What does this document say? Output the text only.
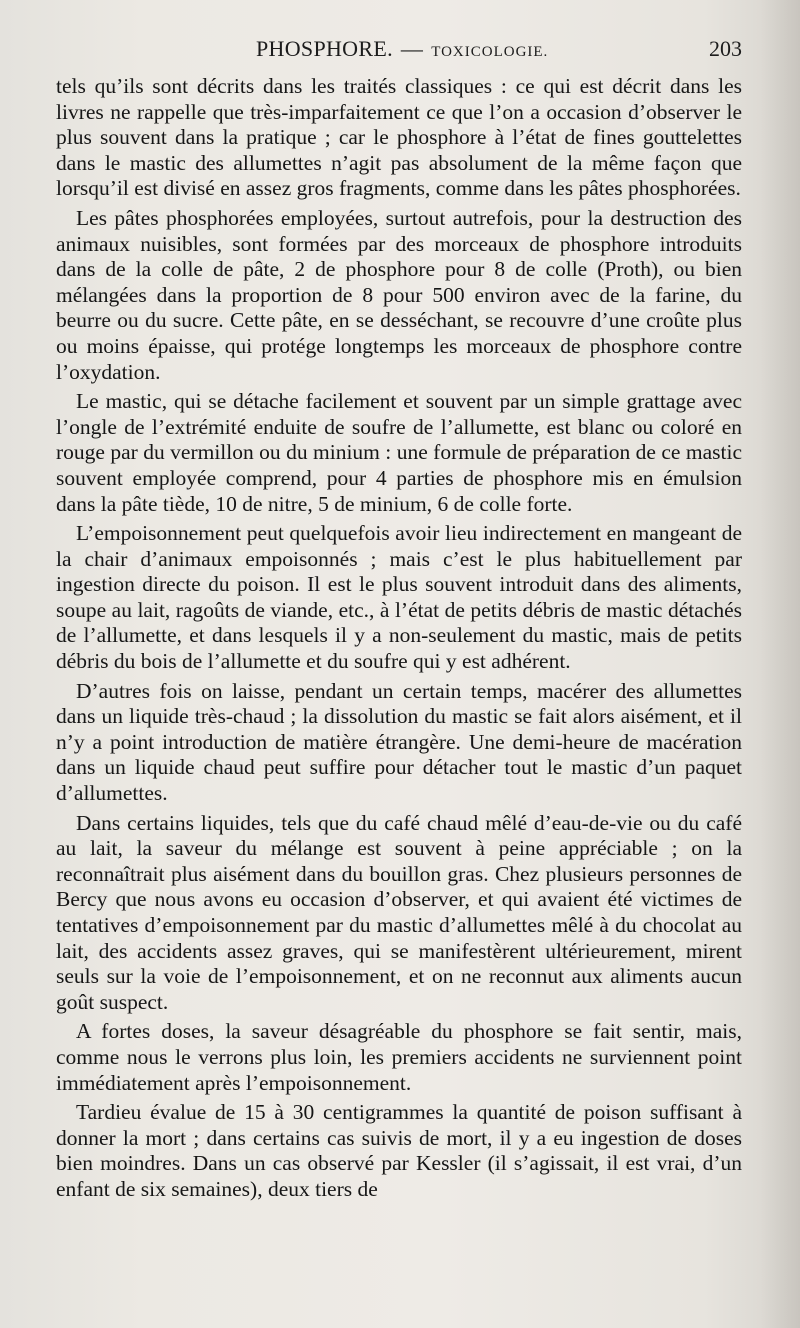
PHOSPHORE. — TOXICOLOGIE.	203

tels qu’ils sont décrits dans les traités classiques : ce qui est décrit dans les livres ne rappelle que très-imparfaitement ce que l’on a occasion d’observer le plus souvent dans la pratique ; car le phosphore à l’état de fines gouttelettes dans le mastic des allumettes n’agit pas absolument de la même façon que lorsqu’il est divisé en assez gros fragments, comme dans les pâtes phosphorées.

Les pâtes phosphorées employées, surtout autrefois, pour la destruction des animaux nuisibles, sont formées par des morceaux de phosphore introduits dans de la colle de pâte, 2 de phosphore pour 8 de colle (Proth), ou bien mélangées dans la proportion de 8 pour 500 environ avec de la farine, du beurre ou du sucre. Cette pâte, en se desséchant, se recouvre d’une croûte plus ou moins épaisse, qui protége longtemps les morceaux de phosphore contre l’oxydation.

Le mastic, qui se détache facilement et souvent par un simple grattage avec l’ongle de l’extrémité enduite de soufre de l’allumette, est blanc ou coloré en rouge par du vermillon ou du minium : une formule de préparation de ce mastic souvent employée comprend, pour 4 parties de phosphore mis en émulsion dans la pâte tiède, 10 de nitre, 5 de minium, 6 de colle forte.

L’empoisonnement peut quelquefois avoir lieu indirectement en mangeant de la chair d’animaux empoisonnés ; mais c’est le plus habituellement par ingestion directe du poison. Il est le plus souvent introduit dans des aliments, soupe au lait, ragoûts de viande, etc., à l’état de petits débris de mastic détachés de l’allumette, et dans lesquels il y a non-seulement du mastic, mais de petits débris du bois de l’allumette et du soufre qui y est adhérent.

D’autres fois on laisse, pendant un certain temps, macérer des allumettes dans un liquide très-chaud ; la dissolution du mastic se fait alors aisément, et il n’y a point introduction de matière étrangère. Une demi-heure de macération dans un liquide chaud peut suffire pour détacher tout le mastic d’un paquet d’allumettes.

Dans certains liquides, tels que du café chaud mêlé d’eau-de-vie ou du café au lait, la saveur du mélange est souvent à peine appréciable ; on la reconnaîtrait plus aisément dans du bouillon gras. Chez plusieurs personnes de Bercy que nous avons eu occasion d’observer, et qui avaient été victimes de tentatives d’empoisonnement par du mastic d’allumettes mêlé à du chocolat au lait, des accidents assez graves, qui se manifestèrent ultérieurement, mirent seuls sur la voie de l’empoisonnement, et on ne reconnut aux aliments aucun goût suspect.

A fortes doses, la saveur désagréable du phosphore se fait sentir, mais, comme nous le verrons plus loin, les premiers accidents ne surviennent point immédiatement après l’empoisonnement.

Tardieu évalue de 15 à 30 centigrammes la quantité de poison suffisant à donner la mort ; dans certains cas suivis de mort, il y a eu ingestion de doses bien moindres. Dans un cas observé par Kessler (il s’agissait, il est vrai, d’un enfant de six semaines), deux tiers de
